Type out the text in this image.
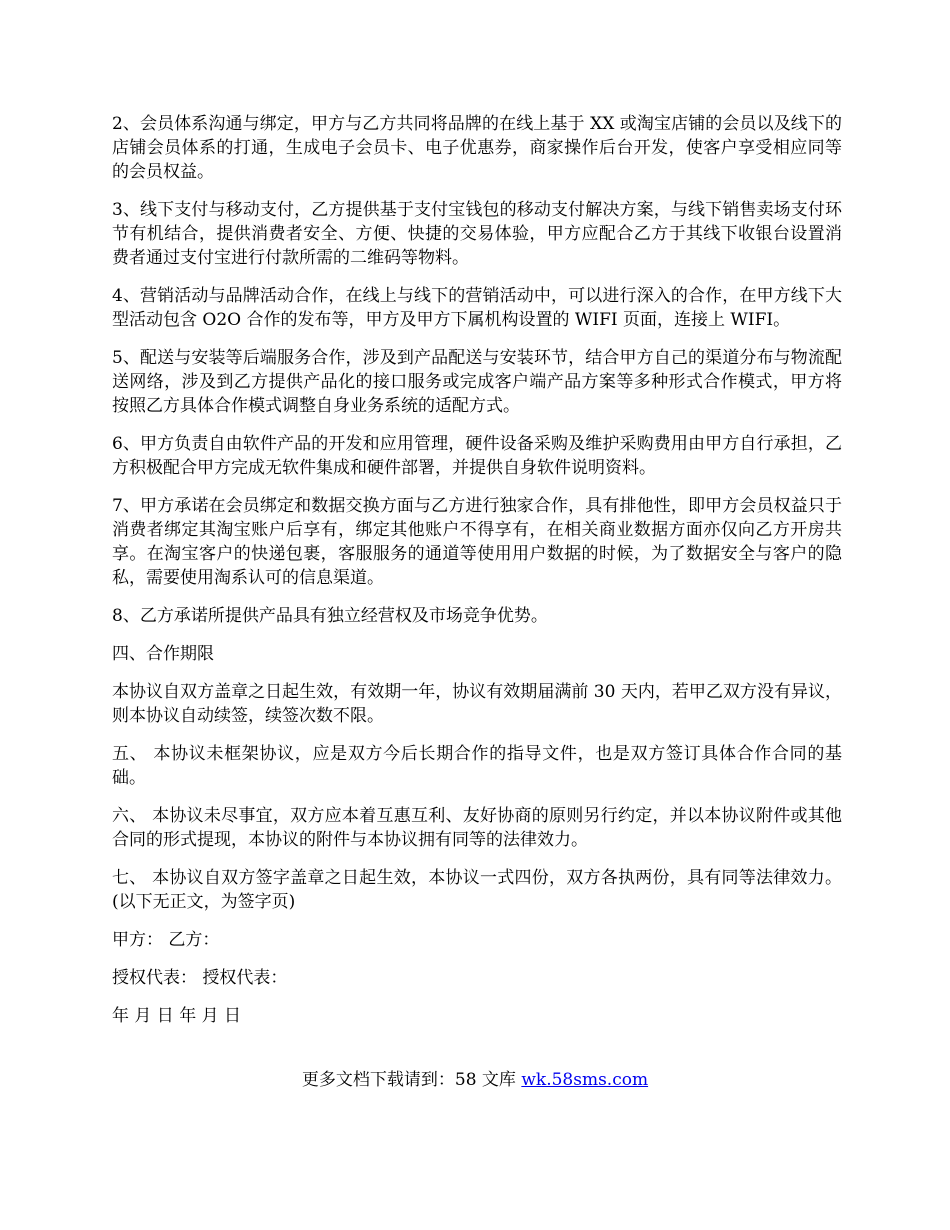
2、会员体系沟通与绑定，甲方与乙方共同将品牌的在线上基于 XX 或淘宝店铺的会员以及线下的店铺会员体系的打通，生成电子会员卡、电子优惠券，商家操作后台开发，使客户享受相应同等的会员权益。

3、线下支付与移动支付，乙方提供基于支付宝钱包的移动支付解决方案，与线下销售卖场支付环节有机结合，提供消费者安全、方便、快捷的交易体验，甲方应配合乙方于其线下收银台设置消费者通过支付宝进行付款所需的二维码等物料。

4、营销活动与品牌活动合作，在线上与线下的营销活动中，可以进行深入的合作，在甲方线下大型活动包含 O2O 合作的发布等，甲方及甲方下属机构设置的 WIFI 页面，连接上 WIFI。

5、配送与安装等后端服务合作，涉及到产品配送与安装环节，结合甲方自己的渠道分布与物流配送网络，涉及到乙方提供产品化的接口服务或完成客户端产品方案等多种形式合作模式，甲方将按照乙方具体合作模式调整自身业务系统的适配方式。

6、甲方负责自由软件产品的开发和应用管理，硬件设备采购及维护采购费用由甲方自行承担，乙方积极配合甲方完成无软件集成和硬件部署，并提供自身软件说明资料。

7、甲方承诺在会员绑定和数据交换方面与乙方进行独家合作，具有排他性，即甲方会员权益只于消费者绑定其淘宝账户后享有，绑定其他账户不得享有，在相关商业数据方面亦仅向乙方开房共享。在淘宝客户的快递包裹，客服服务的通道等使用用户数据的时候，为了数据安全与客户的隐私，需要使用淘系认可的信息渠道。

8、乙方承诺所提供产品具有独立经营权及市场竞争优势。

四、合作期限

本协议自双方盖章之日起生效，有效期一年，协议有效期届满前 30 天内，若甲乙双方没有异议，则本协议自动续签，续签次数不限。

五、 本协议未框架协议，应是双方今后长期合作的指导文件，也是双方签订具体合作合同的基础。

六、 本协议未尽事宜，双方应本着互惠互利、友好协商的原则另行约定，并以本协议附件或其他合同的形式提现，本协议的附件与本协议拥有同等的法律效力。

七、 本协议自双方签字盖章之日起生效，本协议一式四份，双方各执两份，具有同等法律效力。(以下无正文，为签字页)

甲方： 乙方：

授权代表： 授权代表：

年 月 日 年 月 日

更多文档下载请到：58 文库 wk.58sms.com
